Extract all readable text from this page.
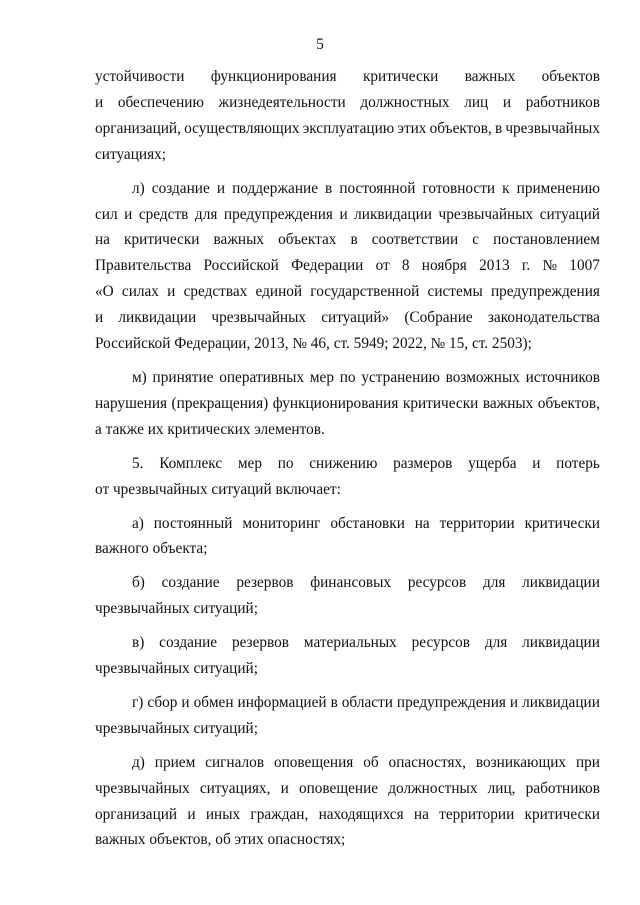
5
устойчивости функционирования критически важных объектов
и обеспечению жизнедеятельности должностных лиц и работников
организаций, осуществляющих эксплуатацию этих объектов, в чрезвычайных
ситуациях;
л) создание и поддержание в постоянной готовности к применению
сил и средств для предупреждения и ликвидации чрезвычайных ситуаций
на критически важных объектах в соответствии с постановлением
Правительства Российской Федерации от 8 ноября 2013 г. № 1007
«О силах и средствах единой государственной системы предупреждения
и ликвидации чрезвычайных ситуаций» (Собрание законодательства
Российской Федерации, 2013, № 46, ст. 5949; 2022, № 15, ст. 2503);
м) принятие оперативных мер по устранению возможных источников
нарушения (прекращения) функционирования критически важных объектов,
а также их критических элементов.
5. Комплекс мер по снижению размеров ущерба и потерь
от чрезвычайных ситуаций включает:
а) постоянный мониторинг обстановки на территории критически
важного объекта;
б) создание резервов финансовых ресурсов для ликвидации
чрезвычайных ситуаций;
в) создание резервов материальных ресурсов для ликвидации
чрезвычайных ситуаций;
г) сбор и обмен информацией в области предупреждения и ликвидации
чрезвычайных ситуаций;
д) прием сигналов оповещения об опасностях, возникающих при
чрезвычайных ситуациях, и оповещение должностных лиц, работников
организаций и иных граждан, находящихся на территории критически
важных объектов, об этих опасностях;
